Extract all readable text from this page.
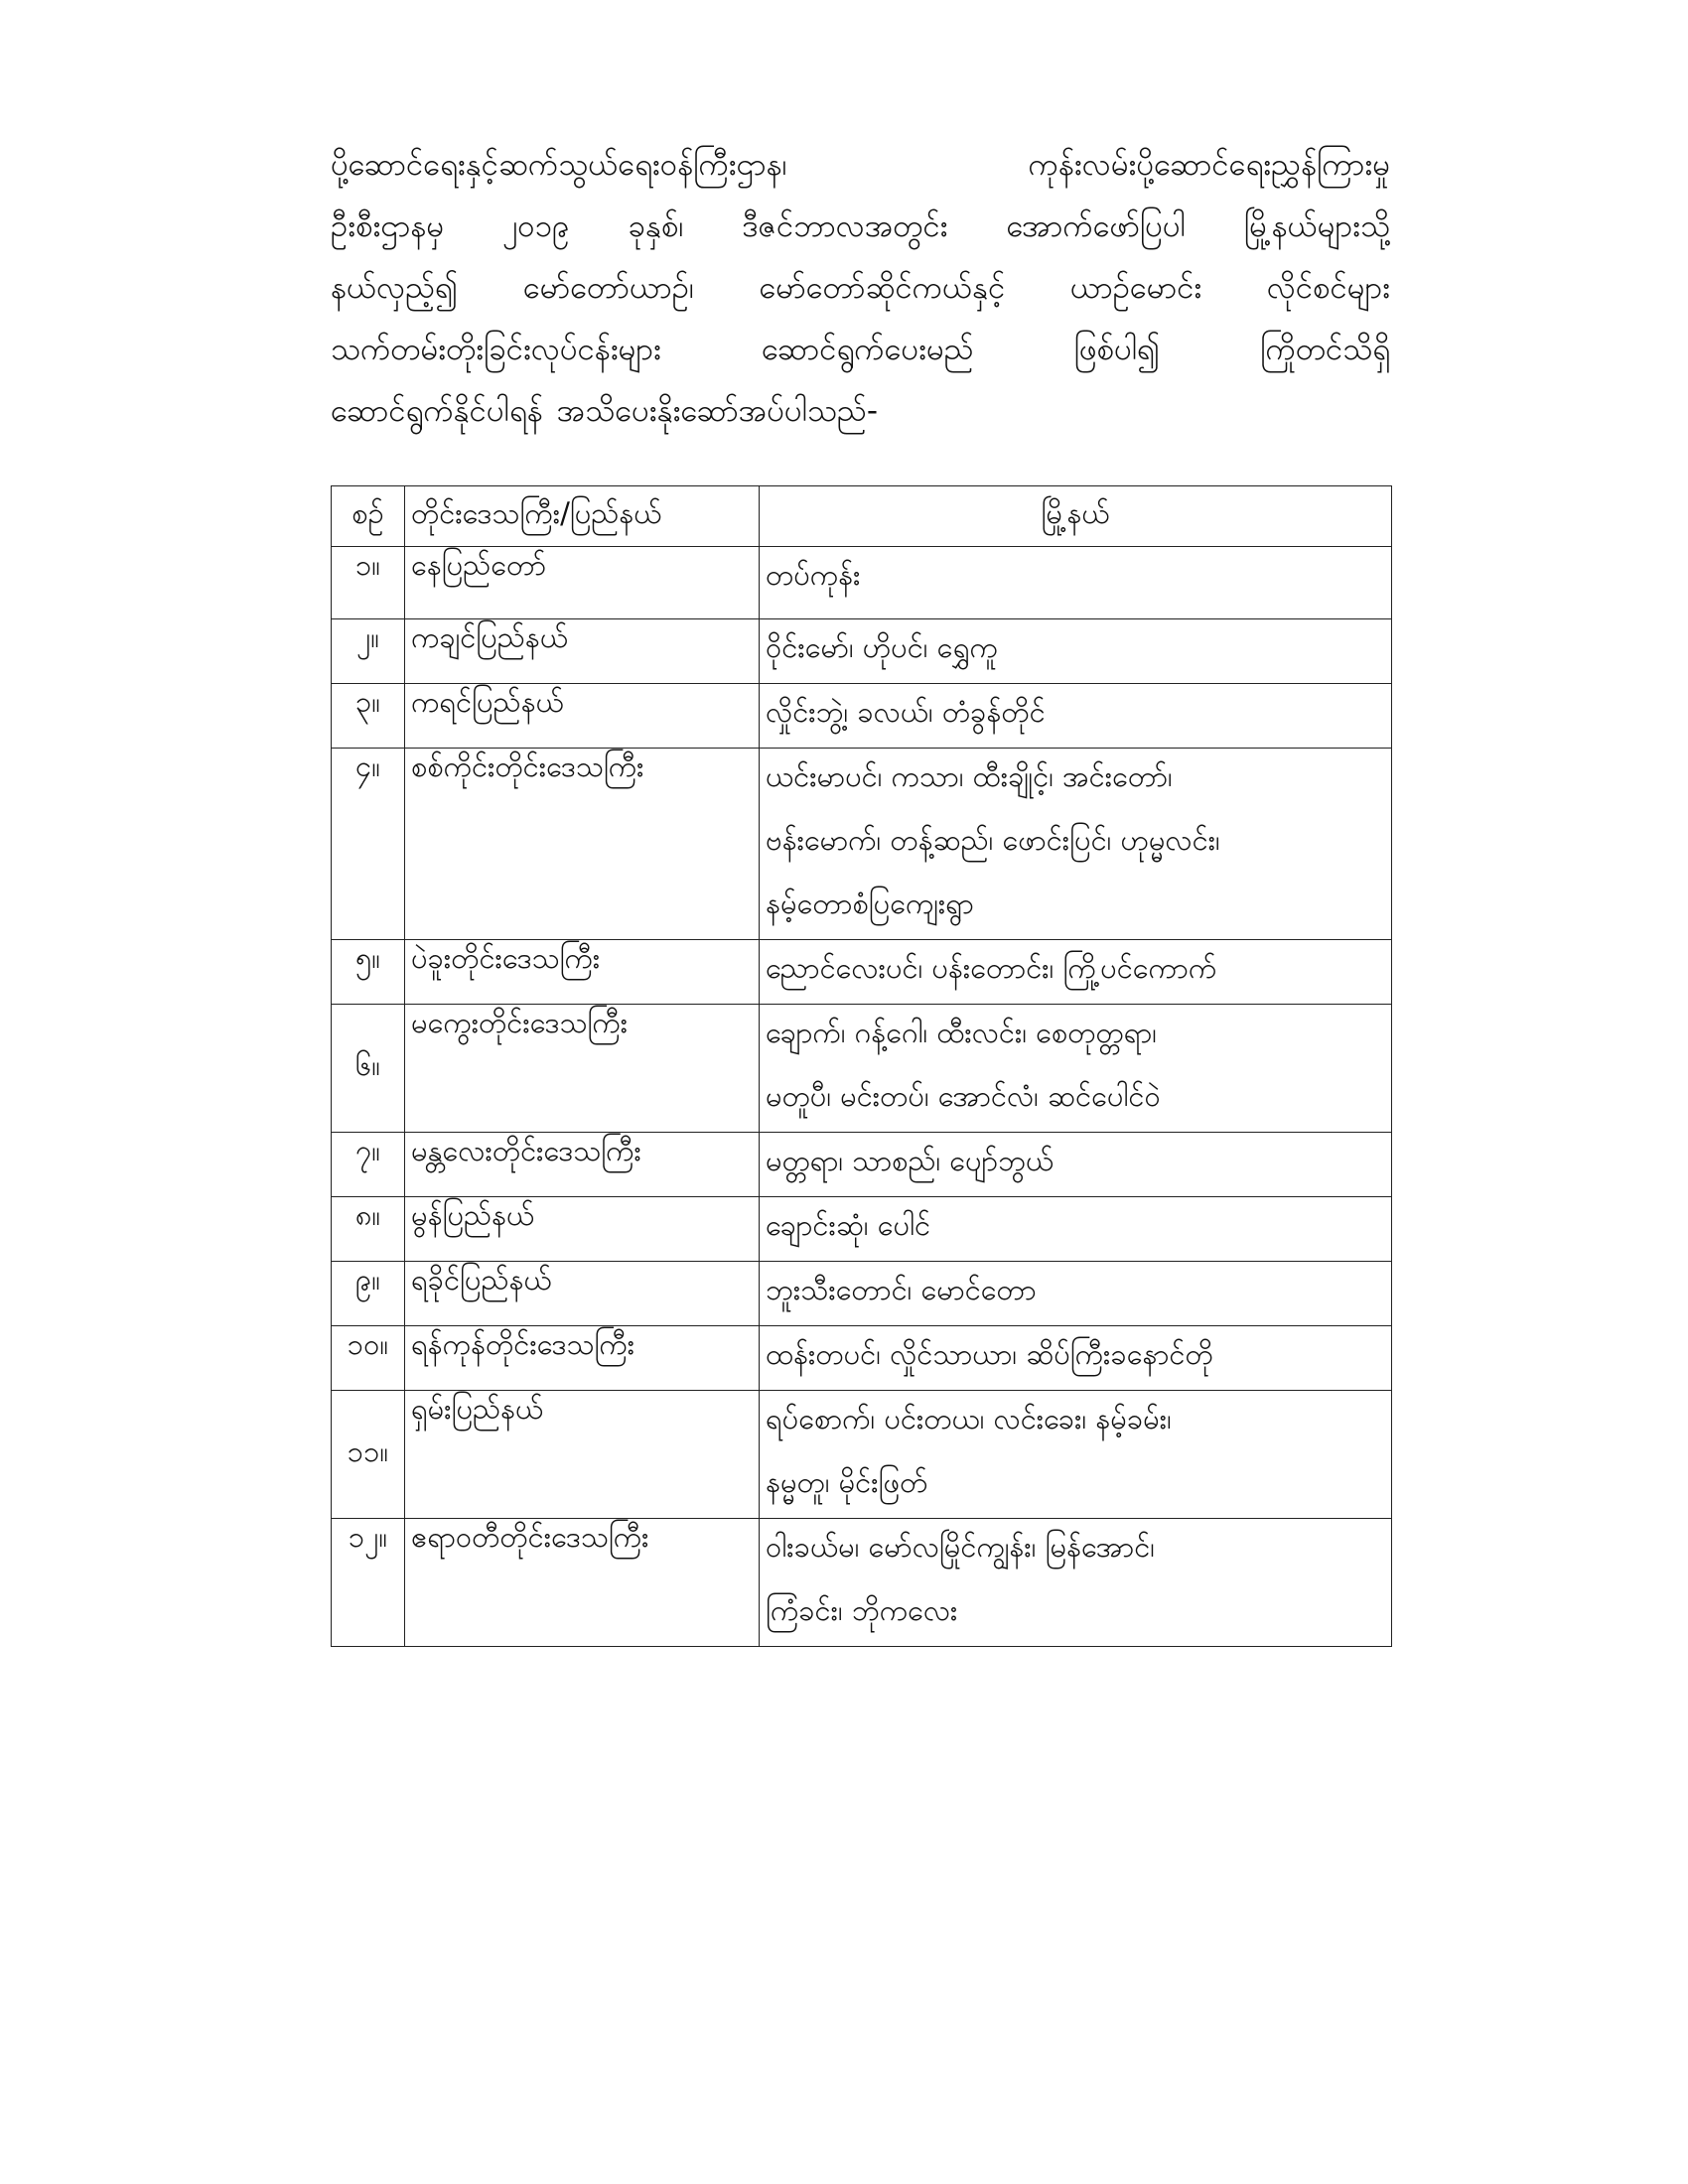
ပို့ဆောင်ရေးနှင့်ဆက်သွယ်ရေးဝန်ကြီးဌာန၊	ကုန်းလမ်းပို့ဆောင်ရေးညွှန်ကြားမှု
ဦးစီးဌာနမှ ၂၀၁၉ ခုနှစ်၊ ဒီဇင်ဘာလအတွင်း အောက်ဖော်ပြပါ မြို့နယ်များသို့
နယ်လှည့်၍ မော်တော်ယာဉ်၊ မော်တော်ဆိုင်ကယ်နှင့် ယာဉ်မောင်း လိုင်စင်များ
သက်တမ်းတိုးခြင်းလုပ်ငန်းများ	ဆောင်ရွက်ပေးမည်	ဖြစ်ပါ၍	ကြိုတင်သိရှိ
ဆောင်ရွက်နိုင်ပါရန် အသိပေးနိုးဆော်အပ်ပါသည်-
စဉ်	တိုင်းဒေသကြီး/ပြည်နယ်	မြို့နယ်
၁။	နေပြည်တော်	တပ်ကုန်း

၂။	ကချင်ပြည်နယ်	ဝိုင်းမော်၊ ဟိုပင်၊ ရွှေကူ

၃။	ကရင်ပြည်နယ်	လှိုင်းဘွဲ့၊ ခလယ်၊ တံခွန်တိုင်

၄။	စစ်ကိုင်းတိုင်းဒေသကြီး	ယင်းမာပင်၊ ကသာ၊ ထီးချိုင့်၊ အင်းတော်၊
ဗန်းမောက်၊ တန့်ဆည်၊ ဖောင်းပြင်၊ ဟုမ္မလင်း၊
နမ့်တောစံပြကျေးရွာ

၅။	ပဲခူးတိုင်းဒေသကြီး	ညောင်လေးပင်၊ ပန်းတောင်း၊ ကြို့ပင်ကောက်

၆။	မကွေးတိုင်းဒေသကြီး	ချောက်၊ ဂန့်ဂေါ၊ ထီးလင်း၊ စေတုတ္တရာ၊
မတူပီ၊ မင်းတပ်၊ အောင်လံ၊ ဆင်ပေါင်ဝဲ

၇။	မန္တလေးတိုင်းဒေသကြီး	မတ္တရာ၊ သာစည်၊ ပျော်ဘွယ်

၈။	မွန်ပြည်နယ်	ချောင်းဆုံ၊ ပေါင်

၉။	ရခိုင်ပြည်နယ်	ဘူးသီးတောင်၊ မောင်တော

၁၀။	ရန်ကုန်တိုင်းဒေသကြီး	ထန်းတပင်၊ လှိုင်သာယာ၊ ဆိပ်ကြီးခနောင်တို

၁၁။	ရှမ်းပြည်နယ်	ရပ်စောက်၊ ပင်းတယ၊ လင်းခေး၊ နမ့်ခမ်း၊
နမ္မတူ၊ မိုင်းဖြတ်

၁၂။	ဧရာဝတီတိုင်းဒေသကြီး	ဝါးခယ်မ၊ မော်လမြိုင်ကျွန်း၊ မြန်အောင်၊
ကြံခင်း၊ ဘိုကလေး
